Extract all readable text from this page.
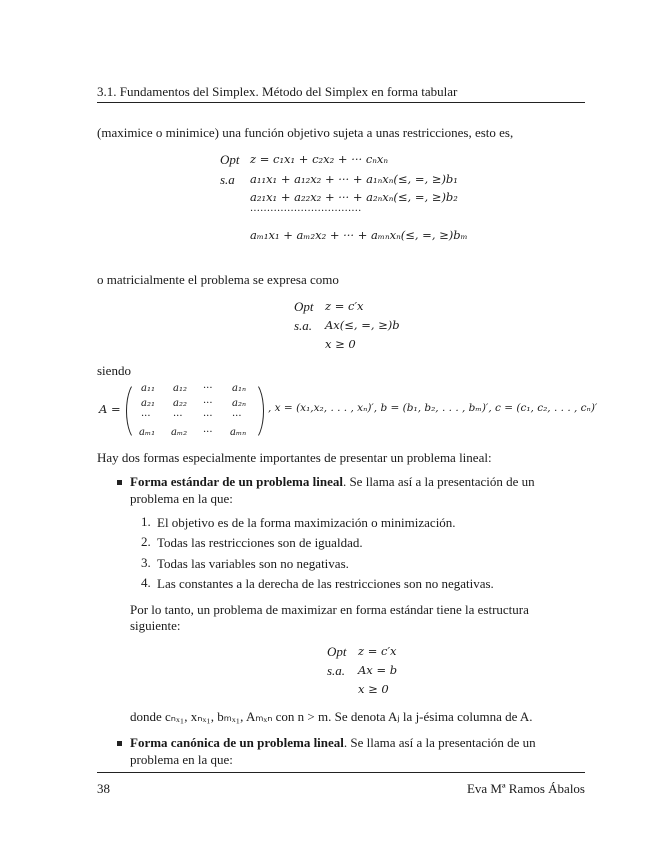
3.1. Fundamentos del Simplex. Método del Simplex en forma tabular
(maximice o minimice) una función objetivo sujeta a unas restricciones, esto es,
Opt
s.a
z = c₁x₁ + c₂x₂ + ··· cₙxₙ
a₁₁x₁ + a₁₂x₂ + ··· + a₁ₙxₙ(≤, =, ≥)b₁
a₂₁x₁ + a₂₂x₂ + ··· + a₂ₙxₙ(≤, =, ≥)b₂
·································
aₘ₁x₁ + aₘ₂x₂ + ··· + aₘₙxₙ(≤, =, ≥)bₘ
o matricialmente el problema se expresa como
Opt
s.a.
z = c′x
Ax(≤, =, ≥)b
x ≥ 0
siendo
A =
a₁₁ a₁₂ ··· a₁ₙ
a₂₁ a₂₂ ··· a₂ₙ
··· ··· ··· ···
aₘ₁ aₘ₂ ··· aₘₙ
, x = (x₁,x₂, . . . , xₙ)′, b = (b₁, b₂, . . . , bₘ)′, c = (c₁, c₂, . . . , cₙ)′
Hay dos formas especialmente importantes de presentar un problema lineal:
Forma estándar de un problema lineal. Se llama así a la presentación de un
problema en la que:
1. El objetivo es de la forma maximización o minimización.
2. Todas las restricciones son de igualdad.
3. Todas las variables son no negativas.
4. Las constantes a la derecha de las restricciones son no negativas.
Por lo tanto, un problema de maximizar en forma estándar tiene la estructura
siguiente:
Opt
s.a.
z = c′x
Ax = b
x ≥ 0
donde cₙₓ₁, xₙₓ₁, bₘₓ₁, Aₘₓₙ con n > m. Se denota Aⱼ la j-ésima columna de A.
Forma canónica de un problema lineal. Se llama así a la presentación de un
problema en la que:
38	Eva Mª Ramos Ábalos
